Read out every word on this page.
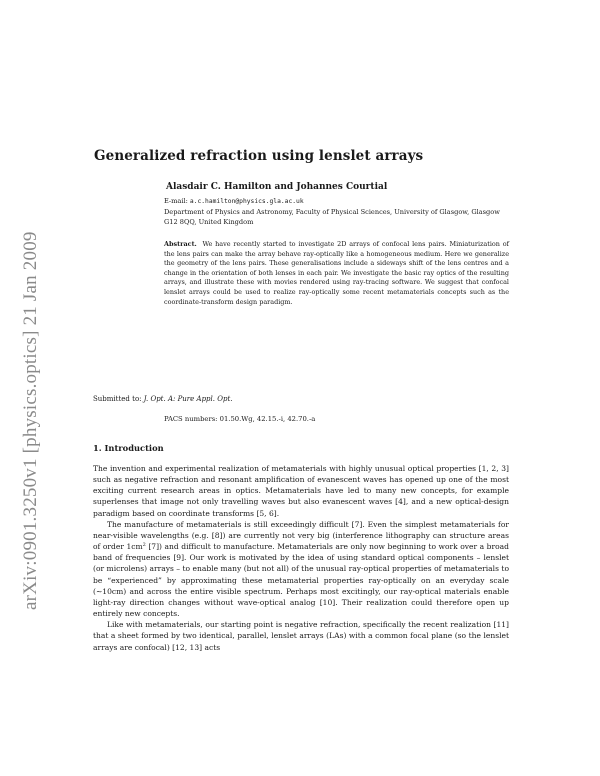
arXiv:0901.3250v1 [physics.optics] 21 Jan 2009
Generalized refraction using lenslet arrays
Alasdair C. Hamilton and Johannes Courtial
E-mail: a.c.hamilton@physics.gla.ac.uk
Department of Physics and Astronomy, Faculty of Physical Sciences, University of Glasgow, Glasgow G12 8QQ, United Kingdom
Abstract. We have recently started to investigate 2D arrays of confocal lens pairs. Miniaturization of the lens pairs can make the array behave ray-optically like a homogeneous medium. Here we generalize the geometry of the lens pairs. These generalisations include a sideways shift of the lens centres and a change in the orientation of both lenses in each pair. We investigate the basic ray optics of the resulting arrays, and illustrate these with movies rendered using ray-tracing software. We suggest that confocal lenslet arrays could be used to realize ray-optically some recent metamaterials concepts such as the coordinate-transform design paradigm.
Submitted to: J. Opt. A: Pure Appl. Opt.
PACS numbers: 01.50.Wg, 42.15.-i, 42.70.-a
1. Introduction

The invention and experimental realization of metamaterials with highly unusual optical properties [1, 2, 3] such as negative refraction and resonant amplification of evanescent waves has opened up one of the most exciting current research areas in optics. Metamaterials have led to many new concepts, for example superlenses that image not only travelling waves but also evanescent waves [4], and a new optical-design paradigm based on coordinate transforms [5, 6].

The manufacture of metamaterials is still exceedingly difficult [7]. Even the simplest metamaterials for near-visible wavelengths (e.g. [8]) are currently not very big (interference lithography can structure areas of order $1cm^2$ [7]) and difficult to manufacture. Metamaterials are only now beginning to work over a broad band of frequencies [9]. Our work is motivated by the idea of using standard optical components – lenslet (or microlens) arrays – to enable many (but not all) of the unusual ray-optical properties of metamaterials to be “experienced” by approximating these metamaterial properties ray-optically on an everyday scale (∼10cm) and across the entire visible spectrum. Perhaps most excitingly, our ray-optical materials enable light-ray direction changes without wave-optical analog [10]. Their realization could therefore open up entirely new concepts.

Like with metamaterials, our starting point is negative refraction, specifically the recent realization [11] that a sheet formed by two identical, parallel, lenslet arrays (LAs) with a common focal plane (so the lenslet arrays are confocal) [12, 13] acts
